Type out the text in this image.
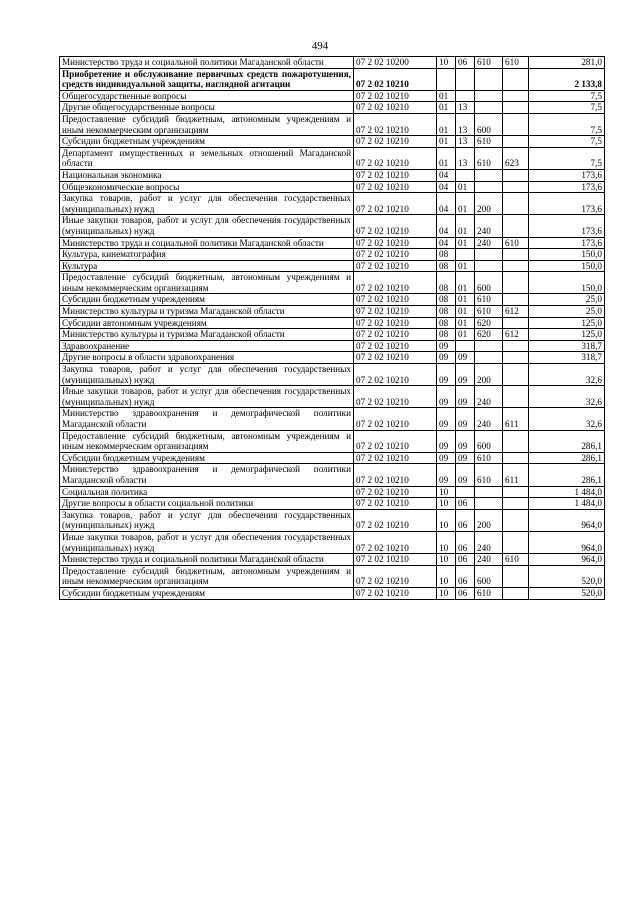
494
Министерство труда и социальной политики Магаданской области	07 2 02 10200	10	06	610	610	281,0
Приобретение и обслуживание первичных средств пожаротушения, средств индивидуальной защиты, наглядной агитации	07 2 02 10210					2 133,8
Общегосударственные вопросы	07 2 02 10210	01				7,5
Другие общегосударственные вопросы	07 2 02 10210	01	13			7,5
Предоставление субсидий бюджетным, автономным учреждениям и иным некоммерческим организациям	07 2 02 10210	01	13	600		7,5
Субсидии бюджетным учреждениям	07 2 02 10210	01	13	610		7,5
Департамент имущественных и земельных отношений Магаданской области	07 2 02 10210	01	13	610	623	7,5
Национальная экономика	07 2 02 10210	04				173,6
Общеэкономические вопросы	07 2 02 10210	04	01			173,6
Закупка товаров, работ и услуг для обеспечения государственных (муниципальных) нужд	07 2 02 10210	04	01	200		173,6
Иные закупки товаров, работ и услуг для обеспечения государственных (муниципальных) нужд	07 2 02 10210	04	01	240		173,6
Министерство труда и социальной политики Магаданской области	07 2 02 10210	04	01	240	610	173,6
Культура, кинематография	07 2 02 10210	08				150,0
Культура	07 2 02 10210	08	01			150,0
Предоставление субсидий бюджетным, автономным учреждениям и иным некоммерческим организациям	07 2 02 10210	08	01	600		150,0
Субсидии бюджетным учреждениям	07 2 02 10210	08	01	610		25,0
Министерство культуры и туризма Магаданской области	07 2 02 10210	08	01	610	612	25,0
Субсидии автономным учреждениям	07 2 02 10210	08	01	620		125,0
Министерство культуры и туризма Магаданской области	07 2 02 10210	08	01	620	612	125,0
Здравоохранение	07 2 02 10210	09				318,7
Другие вопросы в области здравоохранения	07 2 02 10210	09	09			318,7
Закупка товаров, работ и услуг для обеспечения государственных (муниципальных) нужд	07 2 02 10210	09	09	200		32,6
Иные закупки товаров, работ и услуг для обеспечения государственных (муниципальных) нужд	07 2 02 10210	09	09	240		32,6
Министерство здравоохранения и демографической политики Магаданской области	07 2 02 10210	09	09	240	611	32,6
Предоставление субсидий бюджетным, автономным учреждениям и иным некоммерческим организациям	07 2 02 10210	09	09	600		286,1
Субсидии бюджетным учреждениям	07 2 02 10210	09	09	610		286,1
Министерство здравоохранения и демографической политики Магаданской области	07 2 02 10210	09	09	610	611	286,1
Социальная политика	07 2 02 10210	10				1 484,0
Другие вопросы в области социальной политики	07 2 02 10210	10	06			1 484,0
Закупка товаров, работ и услуг для обеспечения государственных (муниципальных) нужд	07 2 02 10210	10	06	200		964,0
Иные закупки товаров, работ и услуг для обеспечения государственных (муниципальных) нужд	07 2 02 10210	10	06	240		964,0
Министерство труда и социальной политики Магаданской области	07 2 02 10210	10	06	240	610	964,0
Предоставление субсидий бюджетным, автономным учреждениям и иным некоммерческим организациям	07 2 02 10210	10	06	600		520,0
Субсидии бюджетным учреждениям	07 2 02 10210	10	06	610		520,0
